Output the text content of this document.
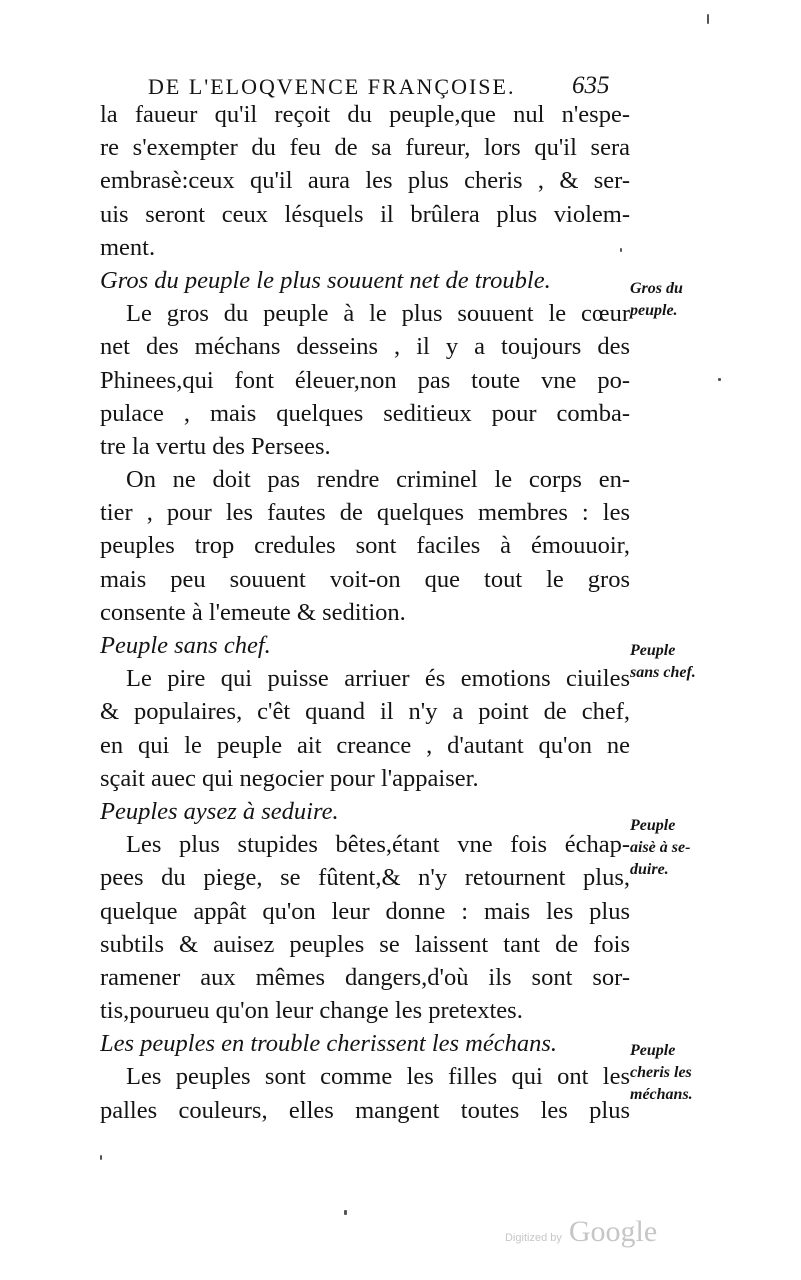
DE L'ELOQVENCE FRANÇOISE.	635
la faueur qu'il reçoit du peuple,que nul n'espe-
re s'exempter du feu de sa fureur, lors qu'il sera
embrasè:ceux qu'il aura les plus cheris , & ser-
uis seront ceux lésquels il brûlera plus violem-
ment.
Gros du peuple le plus souuent net de trouble.
Le gros du peuple à le plus souuent le cœur
net des méchans desseins , il y a toujours des
Phinees,qui font éleuer,non pas toute vne po-
pulace , mais quelques seditieux pour comba-
tre la vertu des Persees.
On ne doit pas rendre criminel le corps en-
tier , pour les fautes de quelques membres : les
peuples trop credules sont faciles à émouuoir,
mais peu souuent voit-on que tout le gros
consente à l'emeute & sedition.
Peuple sans chef.
Le pire qui puisse arriuer és emotions ciuiles
& populaires, c'êt quand il n'y a point de chef,
en qui le peuple ait creance , d'autant qu'on ne
sçait auec qui negocier pour l'appaiser.
Peuples aysez à seduire.
Les plus stupides bêtes,étant vne fois échap-
pees du piege, se fûtent,& n'y retournent plus,
quelque appât qu'on leur donne : mais les plus
subtils & auisez peuples se laissent tant de fois
ramener aux mêmes dangers,d'où ils sont sor-
tis,pourueu qu'on leur change les pretextes.
Les peuples en trouble cherissent les méchans.
Les peuples sont comme les filles qui ont les
palles couleurs, elles mangent toutes les plus
Gros du
peuple.
Peuple
sans chef.
Peuple
aisè à se-
duire.
Peuple
cheris les
méchans.
Digitized by Google
